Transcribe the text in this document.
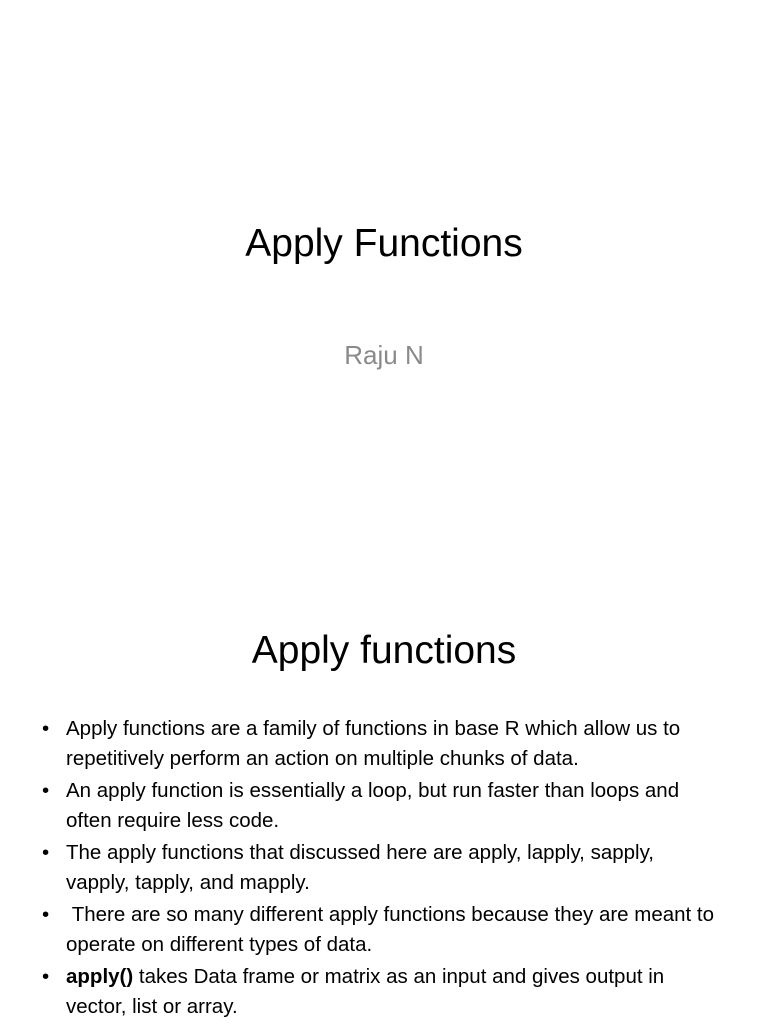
Apply Functions
Raju N
Apply functions
• Apply functions are a family of functions in base R which allow us to repetitively perform an action on multiple chunks of data.
• An apply function is essentially a loop, but run faster than loops and often require less code.
• The apply functions that discussed here are apply, lapply, sapply, vapply, tapply, and mapply.
• There are so many different apply functions because they are meant to operate on different types of data.
• apply() takes Data frame or matrix as an input and gives output in vector, list or array.
